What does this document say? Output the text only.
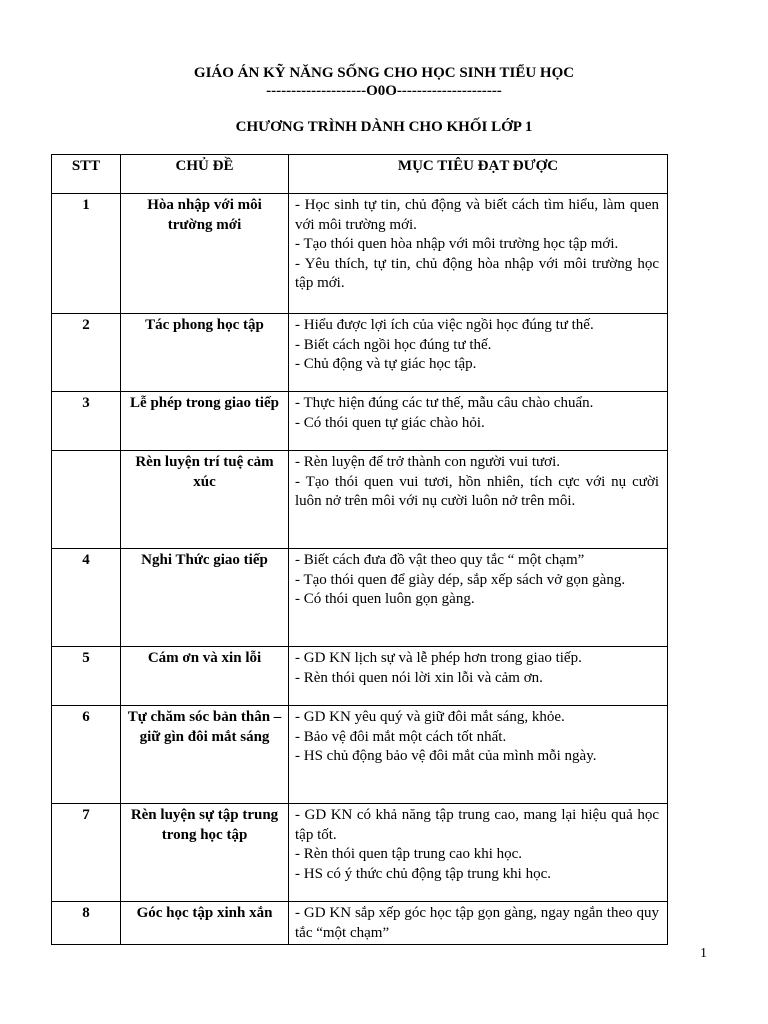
GIÁO ÁN KỸ NĂNG SỐNG CHO HỌC SINH TIỂU HỌC
--------------------O0O---------------------
CHƯƠNG TRÌNH DÀNH CHO KHỐI LỚP 1
STT	CHỦ ĐỀ	MỤC TIÊU ĐẠT ĐƯỢC
1	Hòa nhập với môi trường mới	- Học sinh tự tin, chủ động và biết cách tìm hiểu, làm quen với môi trường mới.
- Tạo thói quen hòa nhập với môi trường học tập mới.
- Yêu thích, tự tin, chủ động hòa nhập với môi trường học tập mới.

2	Tác phong học tập	- Hiểu được lợi ích của việc ngồi học đúng tư thế.
- Biết cách ngồi học đúng tư thế.
- Chủ động và tự giác học tập.

3	Lễ phép trong giao tiếp	- Thực hiện đúng các tư thế, mẫu câu chào chuẩn.
- Có thói quen tự giác chào hỏi.

	Rèn luyện trí tuệ cảm xúc	- Rèn luyện để trở thành con người vui tươi.
- Tạo thói quen vui tươi, hồn nhiên, tích cực với nụ cười luôn nở trên môi với nụ cười luôn nở trên môi.

4	Nghi Thức giao tiếp	- Biết cách đưa đồ vật theo quy tắc “ một chạm”
- Tạo thói quen để giày dép, sắp xếp sách vở gọn gàng.
- Có thói quen luôn gọn gàng.

5	Cám ơn và xin lỗi	- GD KN lịch sự và lễ phép hơn trong giao tiếp.
- Rèn thói quen nói lời xin lỗi và cảm ơn.

6	Tự chăm sóc bản thân – giữ gìn đôi mắt sáng	- GD KN yêu quý và giữ đôi mắt sáng, khỏe.
- Bảo vệ đôi mắt một cách tốt nhất.
- HS chủ động bảo vệ đôi mắt của mình mỗi ngày.

7	Rèn luyện sự tập trung trong học tập	- GD KN có khả năng tập trung cao, mang lại hiệu quả học tập tốt.
- Rèn thói quen tập trung cao khi học.
- HS có ý thức chủ động tập trung khi học.

8	Góc học tập xinh xắn	- GD KN sắp xếp góc học tập gọn gàng, ngay ngắn theo quy tắc “một chạm”
1
